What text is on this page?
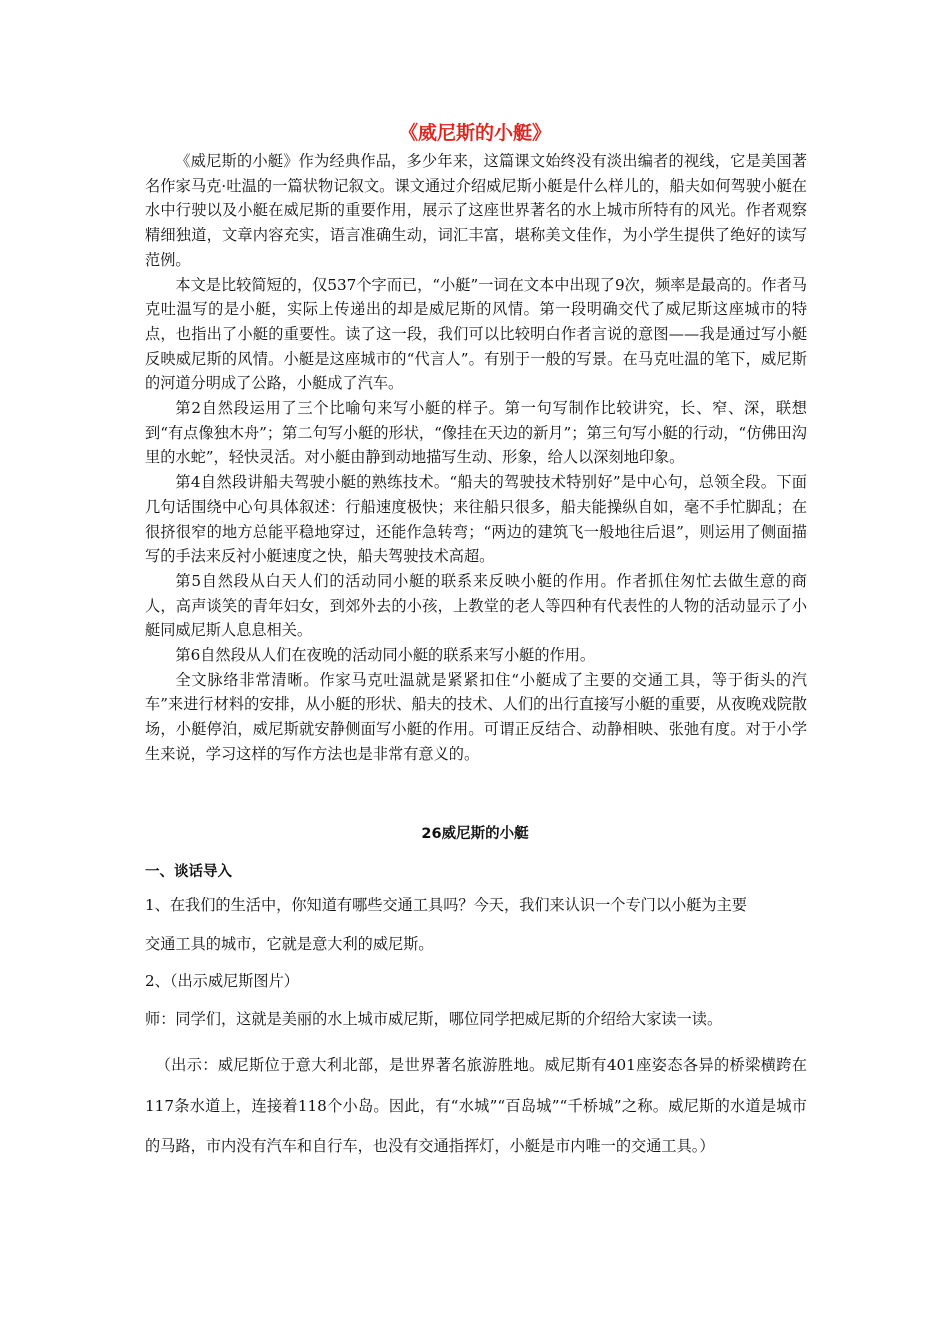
《威尼斯的小艇》

《威尼斯的小艇》作为经典作品，多少年来，这篇课文始终没有淡出编者的视线，它是美国著名作家马克·吐温的一篇状物记叙文。课文通过介绍威尼斯小艇是什么样儿的，船夫如何驾驶小艇在水中行驶以及小艇在威尼斯的重要作用，展示了这座世界著名的水上城市所特有的风光。作者观察精细独道，文章内容充实，语言准确生动，词汇丰富，堪称美文佳作，为小学生提供了绝好的读写范例。

本文是比较简短的，仅537个字而已，“小艇”一词在文本中出现了9次，频率是最高的。作者马克吐温写的是小艇，实际上传递出的却是威尼斯的风情。第一段明确交代了威尼斯这座城市的特点，也指出了小艇的重要性。读了这一段，我们可以比较明白作者言说的意图——我是通过写小艇反映威尼斯的风情。小艇是这座城市的“代言人”。有别于一般的写景。在马克吐温的笔下，威尼斯的河道分明成了公路，小艇成了汽车。

第2自然段运用了三个比喻句来写小艇的样子。第一句写制作比较讲究，长、窄、深，联想到“有点像独木舟”；第二句写小艇的形状，“像挂在天边的新月”；第三句写小艇的行动，“仿佛田沟里的水蛇”，轻快灵活。对小艇由静到动地描写生动、形象，给人以深刻地印象。

第4自然段讲船夫驾驶小艇的熟练技术。“船夫的驾驶技术特别好”是中心句，总领全段。下面几句话围绕中心句具体叙述：行船速度极快；来往船只很多，船夫能操纵自如，毫不手忙脚乱；在很挤很窄的地方总能平稳地穿过，还能作急转弯；“两边的建筑飞一般地往后退”，则运用了侧面描写的手法来反衬小艇速度之快，船夫驾驶技术高超。

第5自然段从白天人们的活动同小艇的联系来反映小艇的作用。作者抓住匆忙去做生意的商人，高声谈笑的青年妇女，到郊外去的小孩，上教堂的老人等四种有代表性的人物的活动显示了小艇同威尼斯人息息相关。

第6自然段从人们在夜晚的活动同小艇的联系来写小艇的作用。

全文脉络非常清晰。作家马克吐温就是紧紧扣住“小艇成了主要的交通工具，等于街头的汽车”来进行材料的安排，从小艇的形状、船夫的技术、人们的出行直接写小艇的重要，从夜晚戏院散场，小艇停泊，威尼斯就安静侧面写小艇的作用。可谓正反结合、动静相映、张弛有度。对于小学生来说，学习这样的写作方法也是非常有意义的。

26威尼斯的小艇
一、谈话导入

1、在我们的生活中，你知道有哪些交通工具吗？今天，我们来认识一个专门以小艇为主要

交通工具的城市，它就是意大利的威尼斯。

2、（出示威尼斯图片）

师：同学们，这就是美丽的水上城市威尼斯，哪位同学把威尼斯的介绍给大家读一读。

（出示：威尼斯位于意大利北部，是世界著名旅游胜地。威尼斯有401座姿态各异的桥梁横跨在117条水道上，连接着118个小岛。因此，有“水城”“百岛城”“千桥城”之称。威尼斯的水道是城市的马路，市内没有汽车和自行车，也没有交通指挥灯，小艇是市内唯一的交通工具。）
